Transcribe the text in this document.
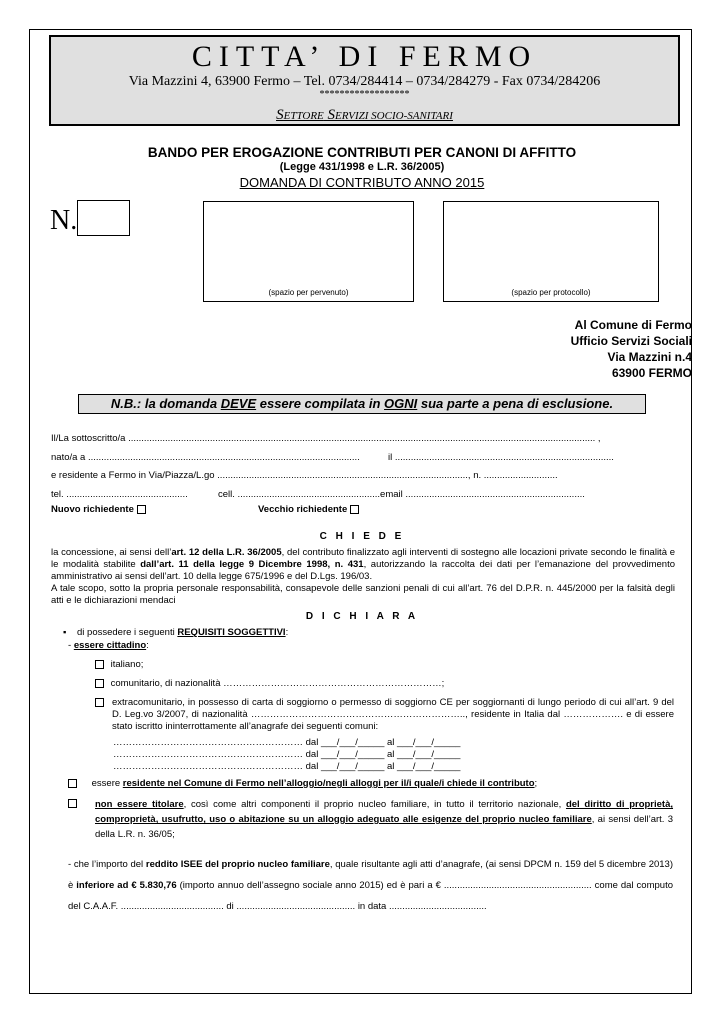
CITTA’ DI FERMO
Via Mazzini 4, 63900 Fermo – Tel. 0734/284414 – 0734/284279 - Fax 0734/284206
******************
SETTORE SERVIZI SOCIO-SANITARI
BANDO PER EROGAZIONE CONTRIBUTI PER CANONI DI AFFITTO
(Legge 431/1998 e L.R. 36/2005)
DOMANDA DI CONTRIBUTO ANNO 2015
N.
(spazio per pervenuto)	(spazio per protocollo)
Al Comune di Fermo
Ufficio Servizi Sociali
Via Mazzini n.4
63900 FERMO
N.B.: la domanda DEVE essere compilata in OGNI sua parte a pena di esclusione.
Il/La sottoscritto/a ................................................................................................................................................................................. ,
nato/a a .......................................................................................................	il ...................................................................................
e residente a Fermo in Via/Piazza/L.go ..............................................................................................., n. ............................
tel. ..............................................	cell. ......................................................email ....................................................................
Nuovo richiedente	Vecchio richiedente
C H I E D E
la concessione, ai sensi dell’art. 12 della L.R. 36/2005, del contributo finalizzato agli interventi di sostegno alle locazioni private secondo le finalità e le modalità stabilite dall’art. 11 della legge 9 Dicembre 1998, n. 431, autorizzando la raccolta dei dati per l’emanazione del provvedimento amministrativo ai sensi dell’art. 10 della legge 675/1996 e del D.Lgs. 196/03.
A tale scopo, sotto la propria personale responsabilità, consapevole delle sanzioni penali di cui all’art. 76 del D.P.R. n. 445/2000 per la falsità degli atti e le dichiarazioni mendaci
D I C H I A R A
▪ di possedere i seguenti REQUISITI SOGGETTIVI:
- essere cittadino:
italiano;
comunitario, di nazionalità ……………………………………………………………;
extracomunitario, in possesso di carta di soggiorno o permesso di soggiorno CE per soggiornanti di lungo periodo di cui all’art. 9 del D. Leg.vo 3/2007, di nazionalità ………………………………………………………….., residente in Italia dal ………………. e di essere stato iscritto ininterrottamente all’anagrafe dei seguenti comuni:
…………………………………………………… dal ___/___/_____ al ___/___/_____
…………………………………………………… dal ___/___/_____ al ___/___/_____
…………………………………………………… dal ___/___/_____ al ___/___/_____
essere residente nel Comune di Fermo nell’alloggio/negli alloggi per il/i quale/i chiede il contributo;
non essere titolare, così come altri componenti il proprio nucleo familiare, in tutto il territorio nazionale, del diritto di proprietà, comproprietà, usufrutto, uso o abitazione su un alloggio adeguato alle esigenze del proprio nucleo familiare, ai sensi dell’art. 3 della L.R. n. 36/05;
- che l’importo del reddito ISEE del proprio nucleo familiare, quale risultante agli atti d’anagrafe, (ai sensi DPCM n. 159 del 5 dicembre 2013) è inferiore ad € 5.830,76 (importo annuo dell’assegno sociale anno 2015) ed è pari a € ........................................................ come dal computo del C.A.A.F. ....................................... di ............................................. in data .....................................
